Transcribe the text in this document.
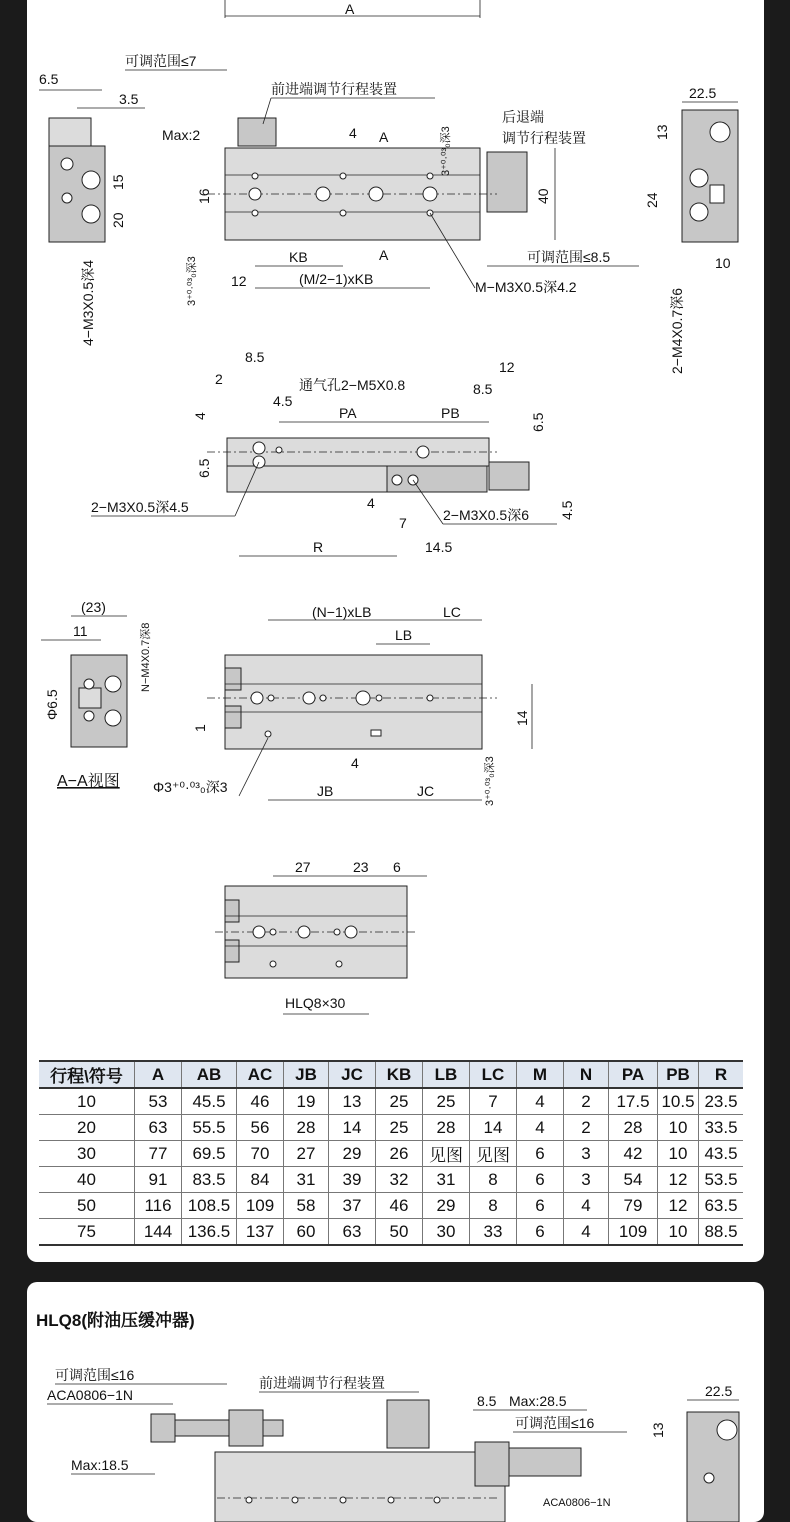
A
可调范围≤7
前进端调节行程装置
Max:2	4 A	3⁺⁰·⁰³₀深3
后退端
调节行程装置
40
16
KB
(M/2−1)xKB
12
3⁺⁰·⁰³₀深3
A	可调范围≤8.5
M−M3X0.5深4.2
6.5
3.5
15
20
4−M3X0.5深4
22.5
13
24
10
2−M4X0.7深6
8.5
2	通气孔2−M5X0.8
12
8.5
4
4.5
PA	PB	6.5
6.5
2−M3X0.5深4.5	4
7	2−M3X0.5深6 4.5
R	14.5
(23)
11
Φ6.5
N−M4X0.7深8
A−A视图
(N−1)xLB	LC
LB
1
14
4
Φ3⁺⁰·⁰³₀深3	JB	JC	3⁺⁰·⁰³₀深3
27	23 6
HLQ8×30
行程\符号	A	AB	AC	JB	JC	KB	LB	LC	M	N	PA	PB	R
10	53	45.5	46	19	13	25	25	7	4	2	17.5	10.5	23.5
20	63	55.5	56	28	14	25	28	14	4	2	28	10	33.5
30	77	69.5	70	27	29	26	见图	见图	6	3	42	10	43.5
40	91	83.5	84	31	39	32	31	8	6	3	54	12	53.5
50	116	108.5	109	58	37	46	29	8	6	4	79	12	63.5
75	144	136.5	137	60	63	50	30	33	6	4	109	10	88.5
HLQ8(附油压缓冲器)
可调范围≤16
ACA0806−1N
前进端调节行程装置
8.5 Max:28.5
可调范围≤16
Max:18.5
ACA0806−1N
22.5
13
